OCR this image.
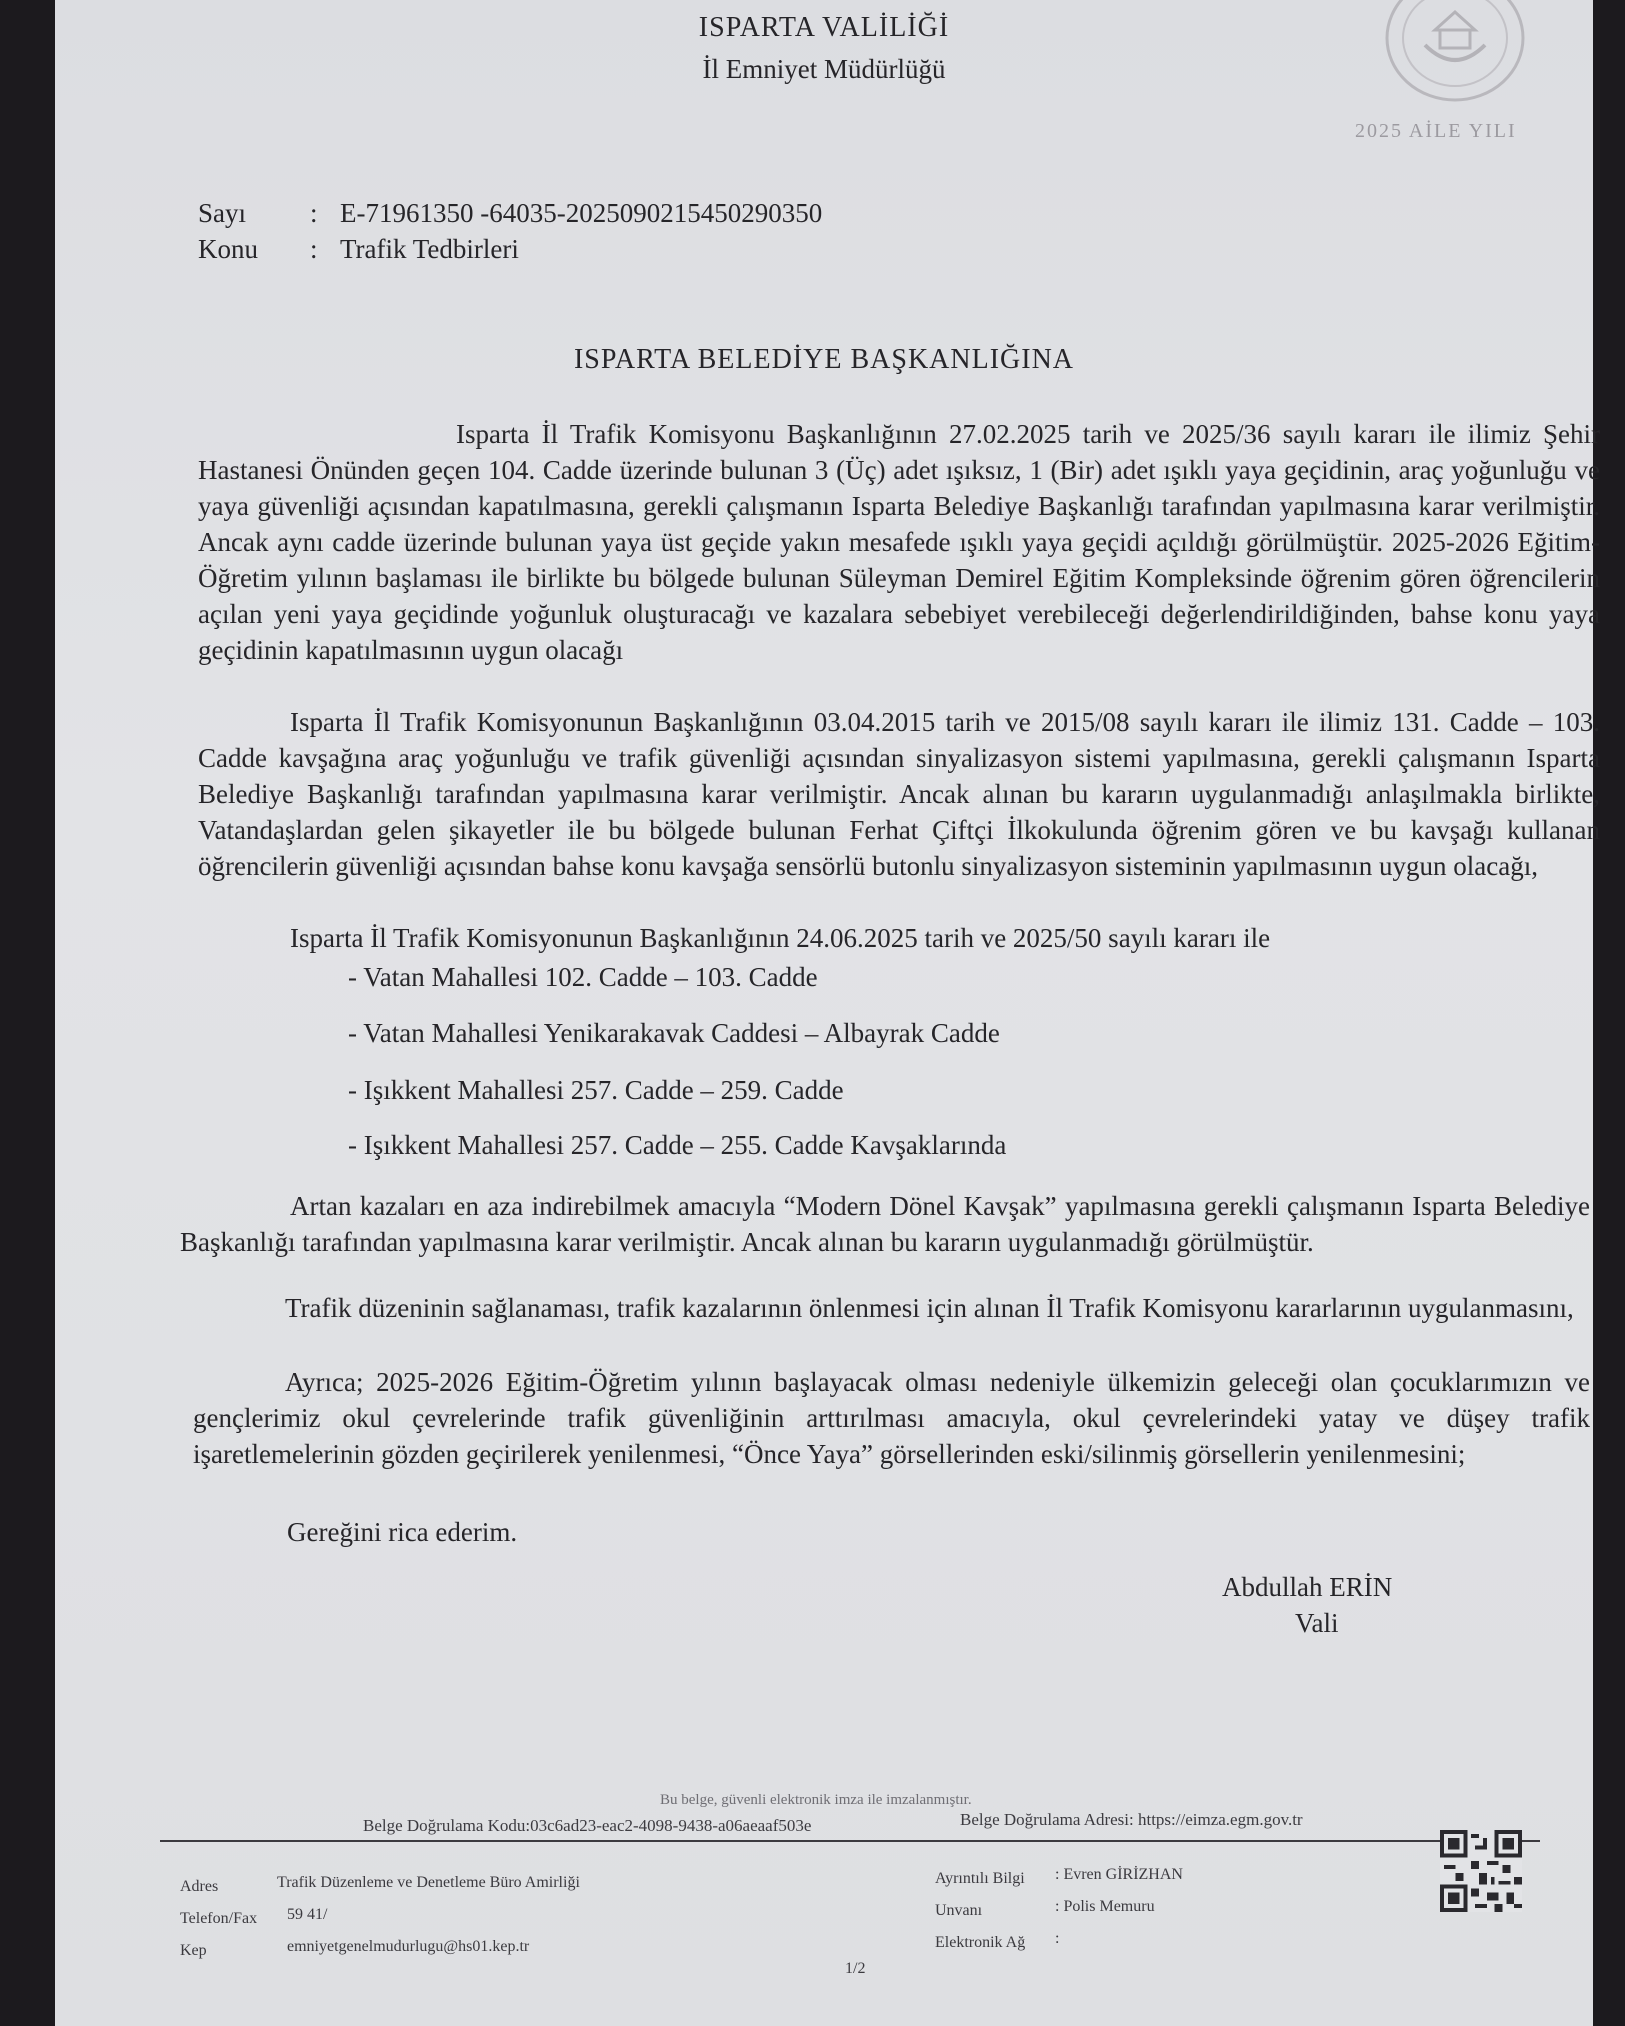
ISPARTA VALİLİĞİ
İl Emniyet Müdürlüğü
2025 AİLE YILI
Sayı : E-71961350 -64035-20250902154502903​50
Konu : Trafik Tedbirleri
ISPARTA BELEDİYE BAŞKANLIĞINA
Isparta İl Trafik Komisyonu Başkanlığının 27.02.2025 tarih ve 2025/36 sayılı kararı ile ilimiz Şehir Hastanesi Önünden geçen 104. Cadde üzerinde bulunan 3 (Üç) adet ışıksız, 1 (Bir) adet ışıklı yaya geçidinin, araç yoğunluğu ve yaya güvenliği açısından kapatılmasına, gerekli çalışmanın Isparta Belediye Başkanlığı tarafından yapılmasına karar verilmiştir. Ancak aynı cadde üzerinde bulunan yaya üst geçide yakın mesafede ışıklı yaya geçidi açıldığı görülmüştür. 2025-2026 Eğitim-Öğretim yılının başlaması ile birlikte bu bölgede bulunan Süleyman Demirel Eğitim Kompleksinde öğrenim gören öğrencilerin açılan yeni yaya geçidinde yoğunluk oluşturacağı ve kazalara sebebiyet verebileceği değerlendirildiğinden, bahse konu yaya geçidinin kapatılmasının uygun olacağı
Isparta İl Trafik Komisyonunun Başkanlığının 03.04.2015 tarih ve 2015/08 sayılı kararı ile ilimiz 131. Cadde – 103. Cadde kavşağına araç yoğunluğu ve trafik güvenliği açısından sinyalizasyon sistemi yapılmasına, gerekli çalışmanın Isparta Belediye Başkanlığı tarafından yapılmasına karar verilmiştir. Ancak alınan bu kararın uygulanmadığı anlaşılmakla birlikte, Vatandaşlardan gelen şikayetler ile bu bölgede bulunan Ferhat Çiftçi İlkokulunda öğrenim gören ve bu kavşağı kullanan öğrencilerin güvenliği açısından bahse konu kavşağa sensörlü butonlu sinyalizasyon sisteminin yapılmasının uygun olacağı,
Isparta İl Trafik Komisyonunun Başkanlığının 24.06.2025 tarih ve 2025/50 sayılı kararı ile
- Vatan Mahallesi 102. Cadde – 103. Cadde
- Vatan Mahallesi Yenikarakavak Caddesi – Albayrak Cadde
- Işıkkent Mahallesi 257. Cadde – 259. Cadde
- Işıkkent Mahallesi 257. Cadde – 255. Cadde Kavşaklarında
Artan kazaları en aza indirebilmek amacıyla “Modern Dönel Kavşak” yapılmasına gerekli çalışmanın Isparta Belediye Başkanlığı tarafından yapılmasına karar verilmiştir. Ancak alınan bu kararın uygulanmadığı görülmüştür.
Trafik düzeninin sağlanaması, trafik kazalarının önlenmesi için alınan İl Trafik Komisyonu kararlarının uygulanmasını,
Ayrıca; 2025-2026 Eğitim-Öğretim yılının başlayacak olması nedeniyle ülkemizin geleceği olan çocuklarımızın ve gençlerimiz okul çevrelerinde trafik güvenliğinin arttırılması amacıyla, okul çevrelerindeki yatay ve düşey trafik işaretlemelerinin gözden geçirilerek yenilenmesi, “Önce Yaya” görsellerinden eski/silinmiş görsellerin yenilenmesini;
Gereğini rica ederim.
Abdullah ERİN
Vali
Bu belge, güvenli elektronik imza ile imzalanmıştır.
Belge Doğrulama Kodu:03c6ad23-eac2-4098-9438-a06aeaaf503e	Belge Doğrulama Adresi: https://eimza.egm.gov.tr
Adres	Trafik Düzenleme ve Denetleme Büro Amirliği
Telefon/Fax 59 41/
Kep	emniyetgenelmudurlugu@hs01.kep.tr
Ayrıntılı Bilgi : Evren GİRİZHAN
Unvanı	: Polis Memuru
Elektronik Ağ :
1/2
